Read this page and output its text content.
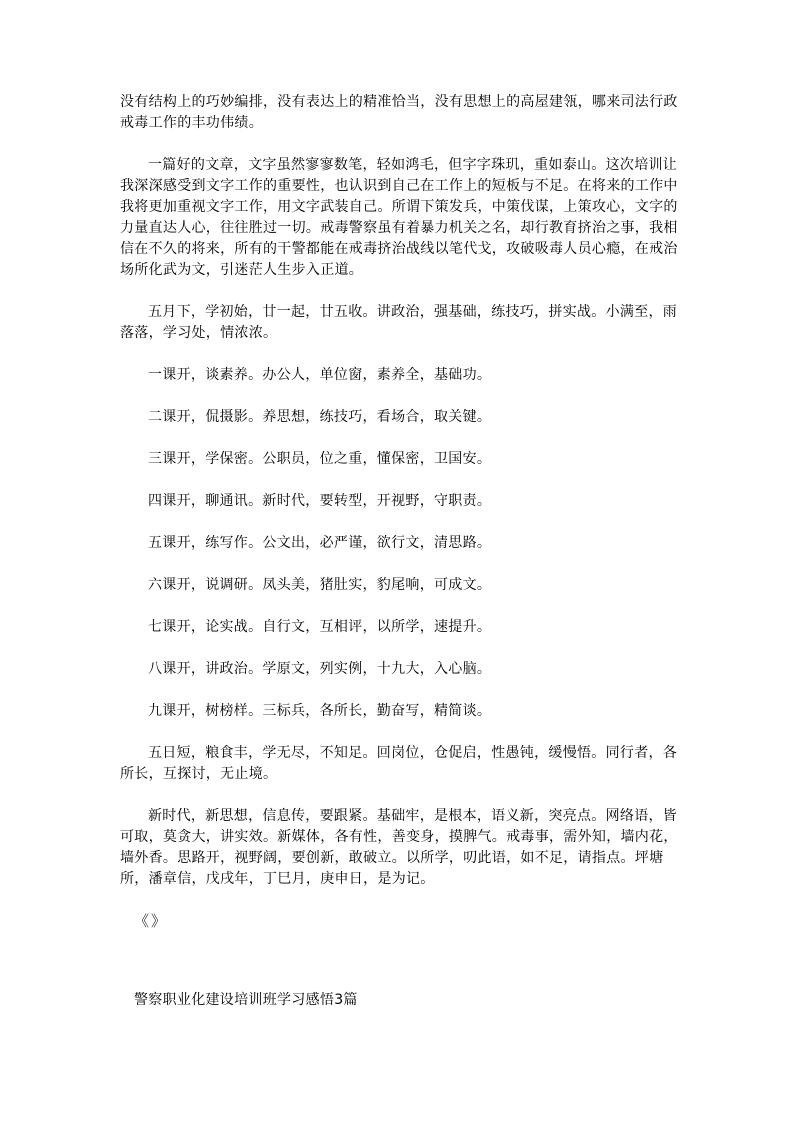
没有结构上的巧妙编排，没有表达上的精准恰当，没有思想上的高屋建瓴，哪来司法行政戒毒工作的丰功伟绩。

一篇好的文章，文字虽然寥寥数笔，轻如鸿毛，但字字珠玑，重如泰山。这次培训让我深深感受到文字工作的重要性，也认识到自己在工作上的短板与不足。在将来的工作中我将更加重视文字工作，用文字武装自己。所谓下策发兵，中策伐谋，上策攻心，文字的力量直达人心，往往胜过一切。戒毒警察虽有着暴力机关之名，却行教育挤治之事，我相信在不久的将来，所有的干警都能在戒毒挤治战线以笔代戈，攻破吸毒人员心瘾，在戒治场所化武为文，引迷茫人生步入正道。

五月下，学初始，廿一起，廿五收。讲政治，强基础，练技巧，拼实战。小满至，雨落落，学习处，情浓浓。

一课开，谈素养。办公人，单位窗，素养全，基础功。

二课开，侃摄影。养思想，练技巧，看场合，取关键。

三课开，学保密。公职员，位之重，懂保密，卫国安。

四课开，聊通讯。新时代，要转型，开视野，守职责。

五课开，练写作。公文出，必严谨，欲行文，清思路。

六课开，说调研。凤头美，猪肚实，豹尾响，可成文。

七课开，论实战。自行文，互相评，以所学，速提升。

八课开，讲政治。学原文，列实例，十九大，入心脑。

九课开，树榜样。三标兵，各所长，勤奋写，精简谈。

五日短，粮食丰，学无尽，不知足。回岗位，仓促启，性愚钝，缓慢悟。同行者，各所长，互探讨，无止境。

新时代，新思想，信息传，要跟紧。基础牢，是根本，语义新，突亮点。网络语，皆可取，莫贪大，讲实效。新媒体，各有性，善变身，摸脾气。戒毒事，需外知，墙内花，墙外香。思路开，视野阔，要创新，敢破立。以所学，叨此语，如不足，请指点。坪塘所，潘章信，戊戌年，丁巳月，庚申日，是为记。

《》

警察职业化建设培训班学习感悟3篇
